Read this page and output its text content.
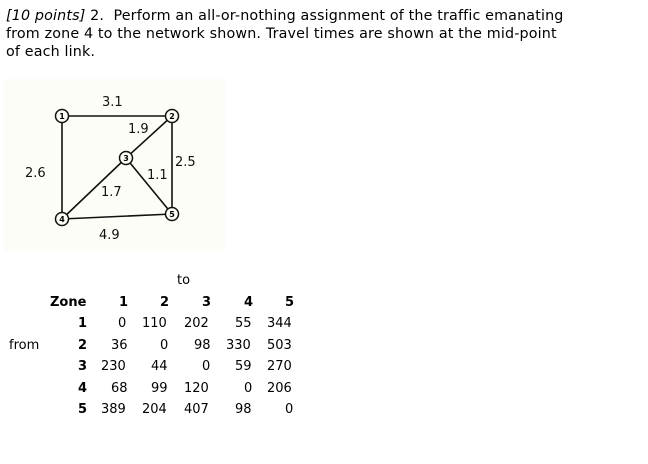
[10 points] 2.  Perform an all-or-nothing assignment of the traffic emanating
from zone 4 to the network shown. Travel times are shown at the mid-point
of each link.
1	2
3
4
5
3.1
2.6
1.9
2.5
1.7
1.1
4.9
to
from
Zone	1 2	3	4 5
1 0 110 202 55 344
2 36 0 98 330 503
3 230 44	0 59 270
4 68 99 120	0 206
5 389 204 407 98	0
